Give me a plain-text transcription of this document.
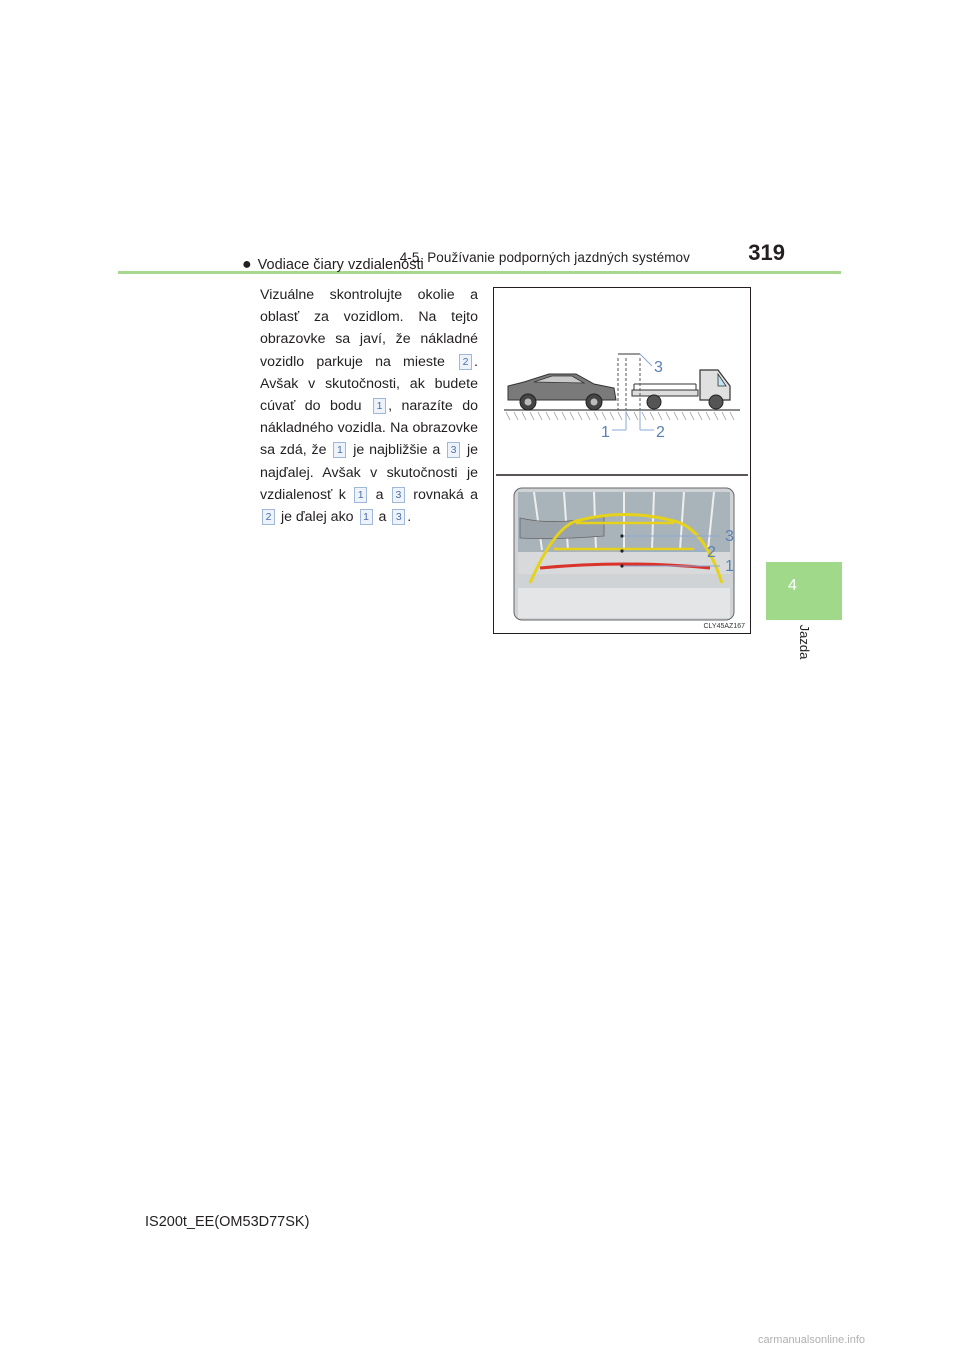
4-5. Používanie podporných jazdných systémov	319
4
Jazda
● Vodiace čiary vzdialenosti
Vizuálne skontrolujte okolie a oblasť za vozidlom. Na tejto obrazovke sa javí, že nákladné vozidlo parkuje na mieste 2 . Avšak v skutočnosti, ak budete cúvať do bodu 1 , narazíte do nákladného vozidla. Na obrazovke sa zdá, že 1 je najbližšie a 3 je najďalej. Avšak v skutočnosti je vzdialenosť k 1 a 3 rovnaká a 2 je ďalej ako 1 a 3 .
1	2
3
1
2
3
CLY45AZ167
IS200t_EE(OM53D77SK)
carmanualsonline.info
